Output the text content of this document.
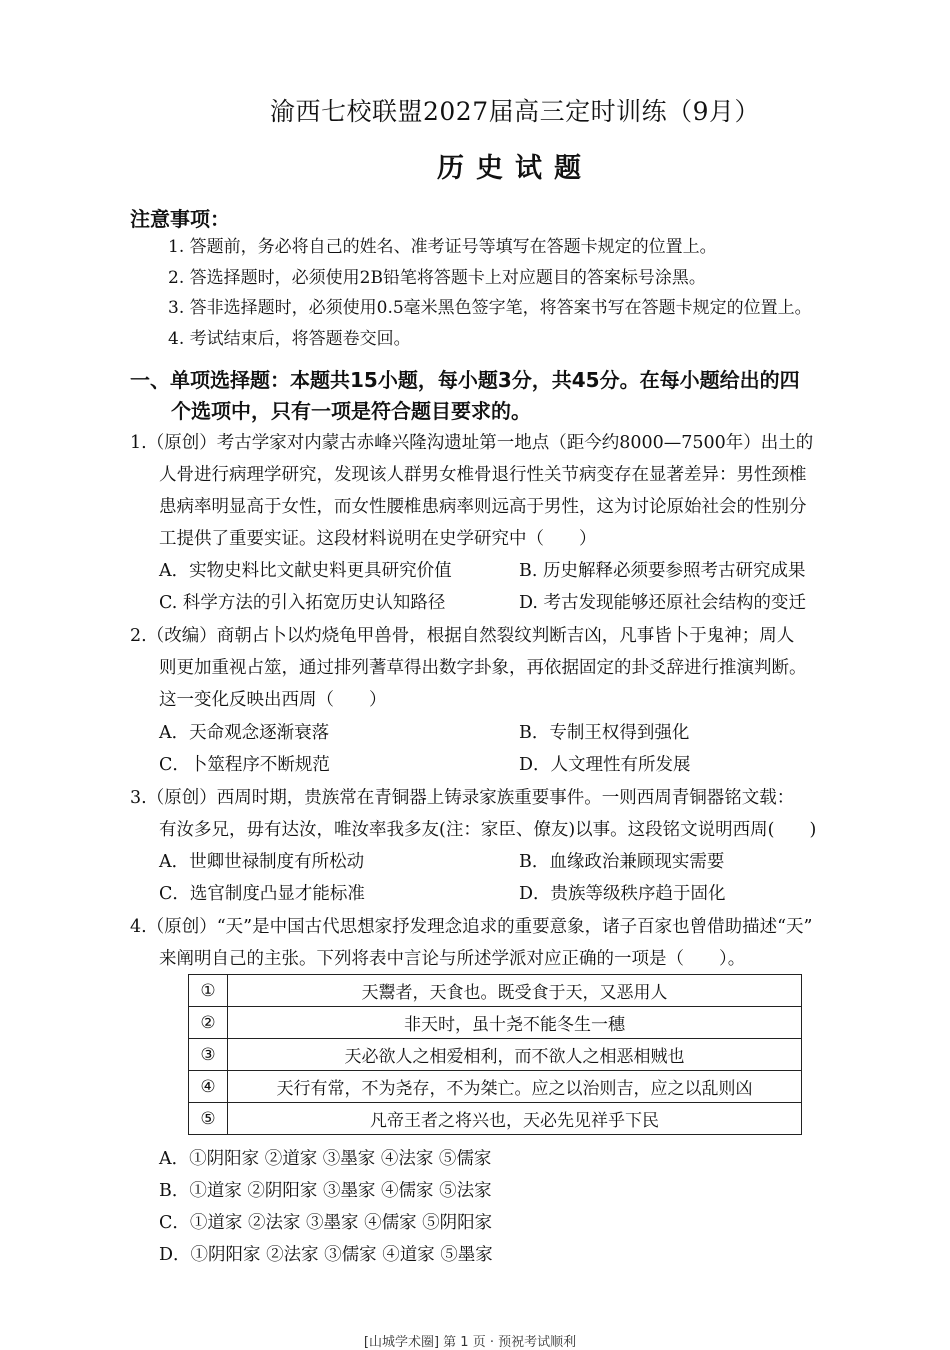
渝西七校联盟2027届高三定时训练（9月）
历史试题
注意事项：
1. 答题前，务必将自己的姓名、准考证号等填写在答题卡规定的位置上。
2. 答选择题时，必须使用2B铅笔将答题卡上对应题目的答案标号涂黑。
3. 答非选择题时，必须使用0.5毫米黑色签字笔，将答案书写在答题卡规定的位置上。
4. 考试结束后，将答题卷交回。
一、单项选择题：本题共15小题，每小题3分，共45分。在每小题给出的四
个选项中，只有一项是符合题目要求的。
1.（原创）考古学家对内蒙古赤峰兴隆沟遗址第一地点（距今约8000—7500年）出土的
人骨进行病理学研究，发现该人群男女椎骨退行性关节病变存在显著差异：男性颈椎
患病率明显高于女性，而女性腰椎患病率则远高于男性，这为讨论原始社会的性别分
工提供了重要实证。这段材料说明在史学研究中（　　）
A．实物史料比文献史料更具研究价值	B. 历史解释必须要参照考古研究成果
C. 科学方法的引入拓宽历史认知路径	D. 考古发现能够还原社会结构的变迁
2.（改编）商朝占卜以灼烧龟甲兽骨，根据自然裂纹判断吉凶，凡事皆卜于鬼神；周人
则更加重视占筮，通过排列蓍草得出数字卦象，再依据固定的卦爻辞进行推演判断。
这一变化反映出西周（　　）
A．天命观念逐渐衰落	B．专制王权得到强化
C．卜筮程序不断规范	D．人文理性有所发展
3.（原创）西周时期，贵族常在青铜器上铸录家族重要事件。一则西周青铜器铭文载：
有汝多兄，毋有达汝，唯汝率我多友(注：家臣、僚友)以事。这段铭文说明西周(　　)
A．世卿世禄制度有所松动	B．血缘政治兼顾现实需要
C．选官制度凸显才能标准	D．贵族等级秩序趋于固化
4.（原创）“天”是中国古代思想家抒发理念追求的重要意象，诸子百家也曾借助描述“天”
来阐明自己的主张。下列将表中言论与所述学派对应正确的一项是（　　）。
①	天鬻者，天食也。既受食于天，又恶用人
②	非天时，虽十尧不能冬生一穗
③	天必欲人之相爱相利，而不欲人之相恶相贼也
④	天行有常，不为尧存，不为桀亡。应之以治则吉，应之以乱则凶
⑤	凡帝王者之将兴也，天必先见祥乎下民
A．①阴阳家 ②道家 ③墨家 ④法家 ⑤儒家
B．①道家 ②阴阳家 ③墨家 ④儒家 ⑤法家
C．①道家 ②法家 ③墨家 ④儒家 ⑤阴阳家
D．①阴阳家 ②法家 ③儒家 ④道家 ⑤墨家
[山城学术圈] 第 1 页 · 预祝考试顺利
